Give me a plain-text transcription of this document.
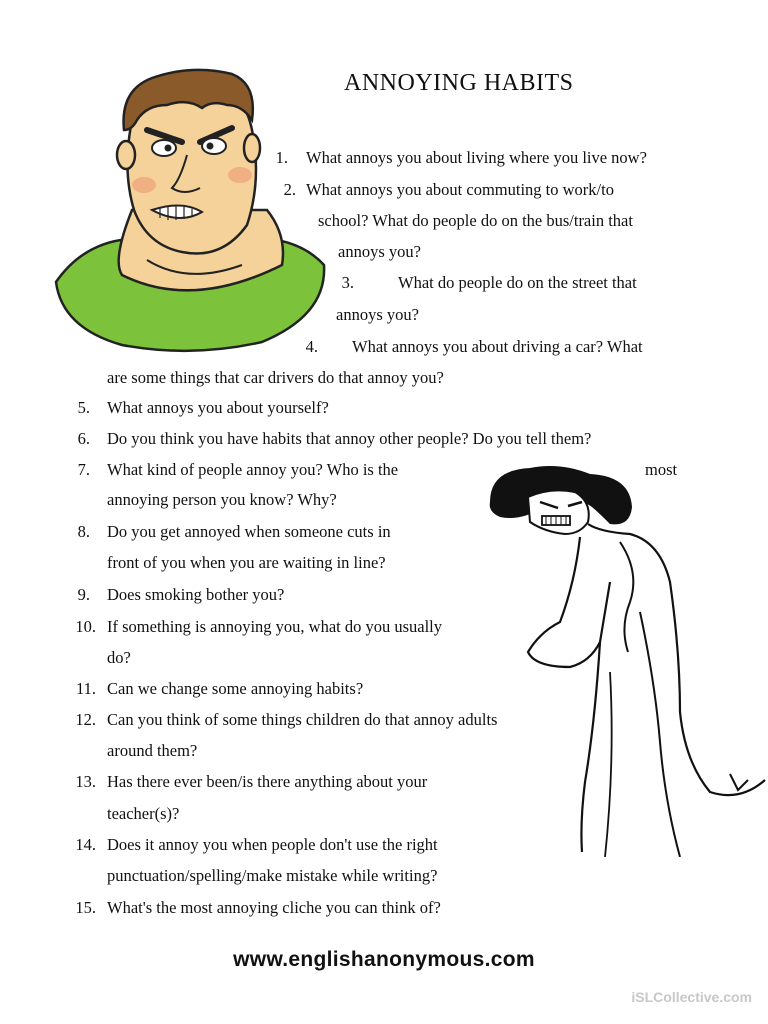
ANNOYING HABITS
1. What annoys you about living where you live now?
2. What annoys you about commuting to work/to
school? What do people do on the bus/train that
annoys you?
3.	What do people do on the street that
annoys you?
4. What annoys you about driving a car? What
are some things that car drivers do that annoy you?
5. What annoys you about yourself?
6. Do you think you have habits that annoy other people? Do you tell them?
7. What kind of people annoy you? Who is the	most
annoying person you know? Why?
8. Do you get annoyed when someone cuts in
front of you when you are waiting in line?
9. Does smoking bother you?
10. If something is annoying you, what do you usually
do?
11. Can we change some annoying habits?
12. Can you think of some things children do that annoy adults
around them?
13. Has there ever been/is there anything about your
teacher(s)?
14. Does it annoy you when people don't use the right
punctuation/spelling/make mistake while writing?
15. What's the most annoying cliche you can think of?
www.englishanonymous.com
iSLCollective.com
